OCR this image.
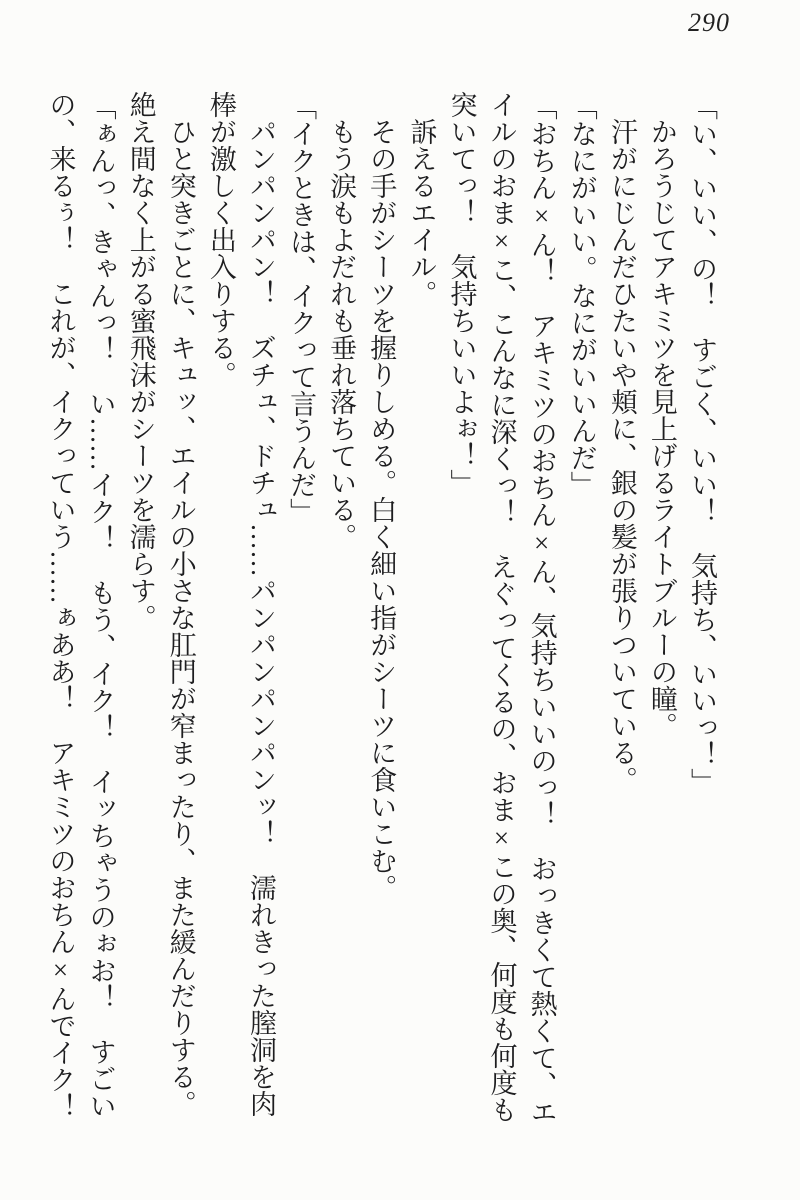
290
「い、いい、の！　すごく、いい！　気持ち、いいっ！」
かろうじてアキミツを見上げるライトブルーの瞳。
汗がにじんだひたいや頬に、銀の髪が張りついている。
「なにがいい。なにがいいんだ」
「おちん×ん！　アキミツのおちん×ん、気持ちいいのっ！　おっきくて熱くて、エ
イルのおま×こ、こんなに深くっ！　えぐってくるの、おま×この奥、何度も何度も
突いてっ！　気持ちいいよぉ！」
訴えるエイル。
その手がシーツを握りしめる。白く細い指がシーツに食いこむ。
もう涙もよだれも垂れ落ちている。
「イクときは、イクって言うんだ」
パンパンパン！　ズチュ、ドチュ……パンパンパンパンッ！　濡れきった膣洞を肉
棒が激しく出入りする。
ひと突きごとに、キュッ、エイルの小さな肛門が窄まったり、また緩んだりする。
絶え間なく上がる蜜飛沫がシーツを濡らす。
「ぁんっ、きゃんっ！　い……イク！　もう、イク！　イッちゃうのぉお！　すごい
の、来るぅ！　これが、イクっていう……ぁああ！　アキミツのおちん×んでイク！
